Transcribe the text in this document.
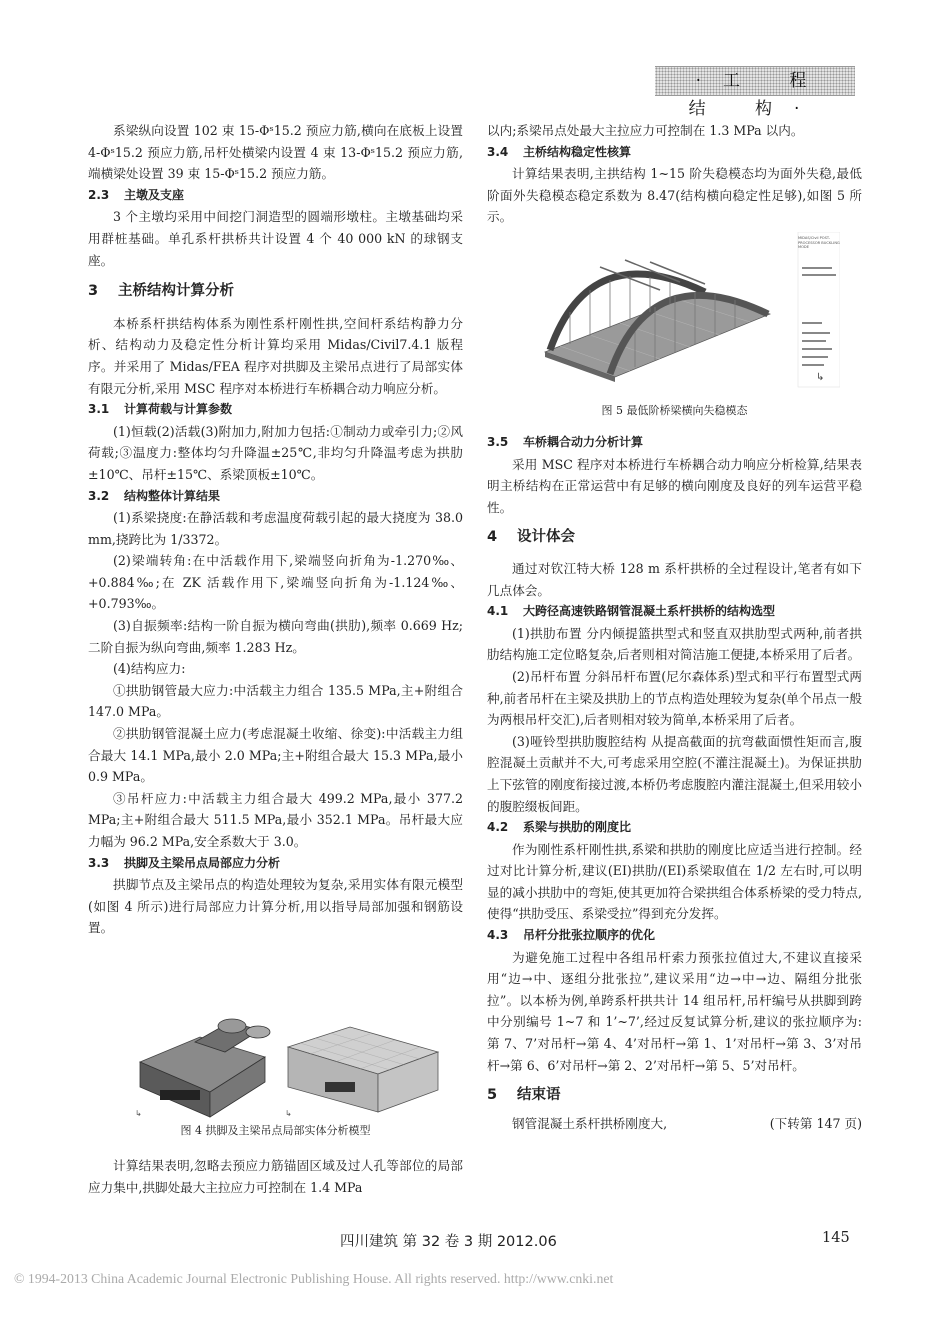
·工 程 结 构·

系梁纵向设置 102 束 15-Φˢ15.2 预应力筋,横向在底板上设置 4-Φˢ15.2 预应力筋,吊杆处横梁内设置 4 束 13-Φˢ15.2 预应力筋,端横梁处设置 39 束 15-Φˢ15.2 预应力筋。

2.3 主墩及支座

3 个主墩均采用中间挖门洞造型的圆端形墩柱。主墩基础均采用群桩基础。单孔系杆拱桥共计设置 4 个 40 000 kN 的球钢支座。

3 主桥结构计算分析

本桥系杆拱结构体系为刚性系杆刚性拱,空间杆系结构静力分析、结构动力及稳定性分析计算均采用 Midas/Civil7.4.1 版程序。并采用了 Midas/FEA 程序对拱脚及主梁吊点进行了局部实体有限元分析,采用 MSC 程序对本桥进行车桥耦合动力响应分析。

3.1 计算荷载与计算参数

(1)恒载(2)活载(3)附加力,附加力包括:①制动力或牵引力;②风荷载;③温度力:整体均匀升降温±25℃,非均匀升降温考虑为拱肋±10℃、吊杆±15℃、系梁顶板±10℃。

3.2 结构整体计算结果

(1)系梁挠度:在静活载和考虑温度荷载引起的最大挠度为 38.0 mm,挠跨比为 1/3372。

(2)梁端转角:在中活载作用下,梁端竖向折角为-1.270‰、+0.884‰;在 ZK 活载作用下,梁端竖向折角为-1.124‰、+0.793‰。

(3)自振频率:结构一阶自振为横向弯曲(拱肋),频率 0.669 Hz;二阶自振为纵向弯曲,频率 1.283 Hz。

(4)结构应力:

①拱肋钢管最大应力:中活载主力组合 135.5 MPa,主+附组合 147.0 MPa。

②拱肋钢管混凝土应力(考虑混凝土收缩、徐变):中活载主力组合最大 14.1 MPa,最小 2.0 MPa;主+附组合最大 15.3 MPa,最小 0.9 MPa。

③吊杆应力:中活载主力组合最大 499.2 MPa,最小 377.2 MPa;主+附组合最大 511.5 MPa,最小 352.1 MPa。吊杆最大应力幅为 96.2 MPa,安全系数大于 3.0。

3.3 拱脚及主梁吊点局部应力分析

拱脚节点及主梁吊点的构造处理较为复杂,采用实体有限元模型(如图 4 所示)进行局部应力计算分析,用以指导局部加强和钢筋设置。

↳	↳

图 4 拱脚及主梁吊点局部实体分析模型

计算结果表明,忽略去预应力筋锚固区域及过人孔等部位的局部应力集中,拱脚处最大主拉应力可控制在 1.4 MPa

以内;系梁吊点处最大主拉应力可控制在 1.3 MPa 以内。

3.4 主桥结构稳定性核算

计算结果表明,主拱结构 1~15 阶失稳模态均为面外失稳,最低阶面外失稳模态稳定系数为 8.47(结构横向稳定性足够),如图 5 所示。

↳
MIDAS/Civil POST-PROCESSOR BUCKLING MODE

图 5 最低阶桥梁横向失稳模态

3.5 车桥耦合动力分析计算

采用 MSC 程序对本桥进行车桥耦合动力响应分析检算,结果表明主桥结构在正常运营中有足够的横向刚度及良好的列车运营平稳性。

4 设计体会

通过对钦江特大桥 128 m 系杆拱桥的全过程设计,笔者有如下几点体会。

4.1 大跨径高速铁路钢管混凝土系杆拱桥的结构选型

(1)拱肋布置 分内倾提篮拱型式和竖直双拱肋型式两种,前者拱肋结构施工定位略复杂,后者则相对简洁施工便捷,本桥采用了后者。

(2)吊杆布置 分斜吊杆布置(尼尔森体系)型式和平行布置型式两种,前者吊杆在主梁及拱肋上的节点构造处理较为复杂(单个吊点一般为两根吊杆交汇),后者则相对较为简单,本桥采用了后者。

(3)哑铃型拱肋腹腔结构 从提高截面的抗弯截面惯性矩而言,腹腔混凝土贡献并不大,可考虑采用空腔(不灌注混凝土)。为保证拱肋上下弦管的刚度衔接过渡,本桥仍考虑腹腔内灌注混凝土,但采用较小的腹腔缀板间距。

4.2 系梁与拱肋的刚度比

作为刚性系杆刚性拱,系梁和拱肋的刚度比应适当进行控制。经过对比计算分析,建议(EI)拱肋/(EI)系梁取值在 1/2 左右时,可以明显的减小拱肋中的弯矩,使其更加符合梁拱组合体系桥梁的受力特点,使得“拱肋受压、系梁受拉”得到充分发挥。

4.3 吊杆分批张拉顺序的优化

为避免施工过程中各组吊杆索力预张拉值过大,不建议直接采用“边→中、逐组分批张拉”,建议采用“边→中→边、隔组分批张拉”。以本桥为例,单跨系杆拱共计 14 组吊杆,吊杆编号从拱脚到跨中分别编号 1~7 和 1’~7’,经过反复试算分析,建议的张拉顺序为:第 7、7’对吊杆→第 4、4’对吊杆→第 1、1’对吊杆→第 3、3’对吊杆→第 6、6’对吊杆→第 2、2’对吊杆→第 5、5’对吊杆。

5 结束语

钢管混凝土系杆拱桥刚度大,	(下转第 147 页)

四川建筑 第 32 卷 3 期 2012.06	145
© 1994-2013 China Academic Journal Electronic Publishing House. All rights reserved. http://www.cnki.net
